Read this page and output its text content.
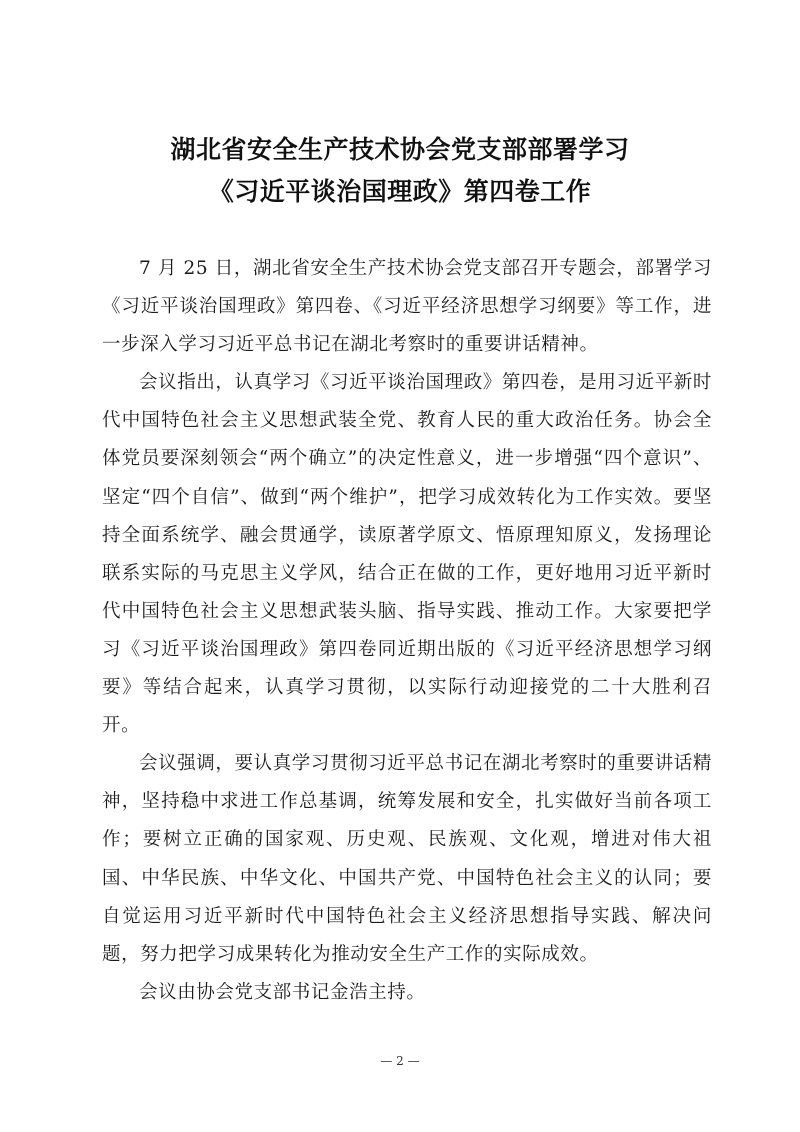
湖北省安全生产技术协会党支部部署学习
《习近平谈治国理政》第四卷工作

7 月 25 日，湖北省安全生产技术协会党支部召开专题会，部署学习《习近平谈治国理政》第四卷、《习近平经济思想学习纲要》等工作，进一步深入学习习近平总书记在湖北考察时的重要讲话精神。

会议指出，认真学习《习近平谈治国理政》第四卷，是用习近平新时代中国特色社会主义思想武装全党、教育人民的重大政治任务。协会全体党员要深刻领会“两个确立”的决定性意义，进一步增强“四个意识”、坚定“四个自信”、做到“两个维护”，把学习成效转化为工作实效。要坚持全面系统学、融会贯通学，读原著学原文、悟原理知原义，发扬理论联系实际的马克思主义学风，结合正在做的工作，更好地用习近平新时代中国特色社会主义思想武装头脑、指导实践、推动工作。大家要把学习《习近平谈治国理政》第四卷同近期出版的《习近平经济思想学习纲要》等结合起来，认真学习贯彻，以实际行动迎接党的二十大胜利召开。

会议强调，要认真学习贯彻习近平总书记在湖北考察时的重要讲话精神，坚持稳中求进工作总基调，统筹发展和安全，扎实做好当前各项工作；要树立正确的国家观、历史观、民族观、文化观，增进对伟大祖国、中华民族、中华文化、中国共产党、中国特色社会主义的认同；要自觉运用习近平新时代中国特色社会主义经济思想指导实践、解决问题，努力把学习成果转化为推动安全生产工作的实际成效。

会议由协会党支部书记金浩主持。

— 2 —
